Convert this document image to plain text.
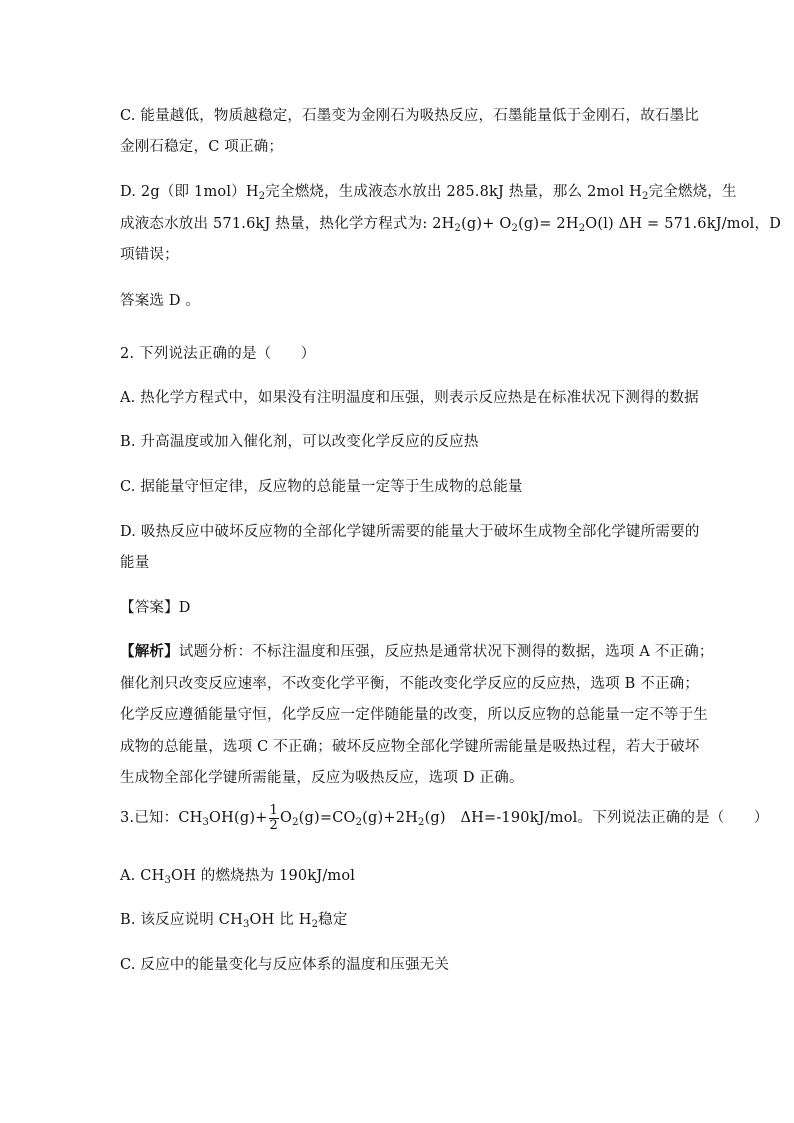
C. 能量越低，物质越稳定，石墨变为金刚石为吸热反应，石墨能量低于金刚石，故石墨比
金刚石稳定，C 项正确；
D. 2g（即 $1mol)H_2$完全燃烧，生成液态水放出 285.8kJ 热量，那么 2mol $H_2$完全燃烧，生
成液态水放出 571.6kJ 热量，热化学方程式为: $2H_2(g)+ O_2(g)= 2H_2O(l) \Delta H = 571.6kJ/mol$，D
项错误；
答案选 D 。
2. 下列说法正确的是（　　）
A. 热化学方程式中，如果没有注明温度和压强，则表示反应热是在标准状况下测得的数据
B. 升高温度或加入催化剂，可以改变化学反应的反应热
C. 据能量守恒定律，反应物的总能量一定等于生成物的总能量
D. 吸热反应中破坏反应物的全部化学键所需要的能量大于破坏生成物全部化学键所需要的
能量
【答案】D
【解析】试题分析：不标注温度和压强，反应热是通常状况下测得的数据，选项 A 不正确；
催化剂只改变反应速率，不改变化学平衡，不能改变化学反应的反应热，选项 B 不正确；
化学反应遵循能量守恒，化学反应一定伴随能量的改变，所以反应物的总能量一定不等于生
成物的总能量，选项 C 不正确；破坏反应物全部化学键所需能量是吸热过程，若大于破坏
生成物全部化学键所需能量，反应为吸热反应，选项 D 正确。
3.已知：$CH_3OH(g)+ \frac{1}{2} O_2(g)=CO_2(g)+2H_2(g)$　ΔH=-190kJ/mol。下列说法正确的是（　　）
A. $CH_3OH$ 的燃烧热为 190kJ/mol
B. 该反应说明 $CH_3OH$ 比 $H_2$稳定
C. 反应中的能量变化与反应体系的温度和压强无关
